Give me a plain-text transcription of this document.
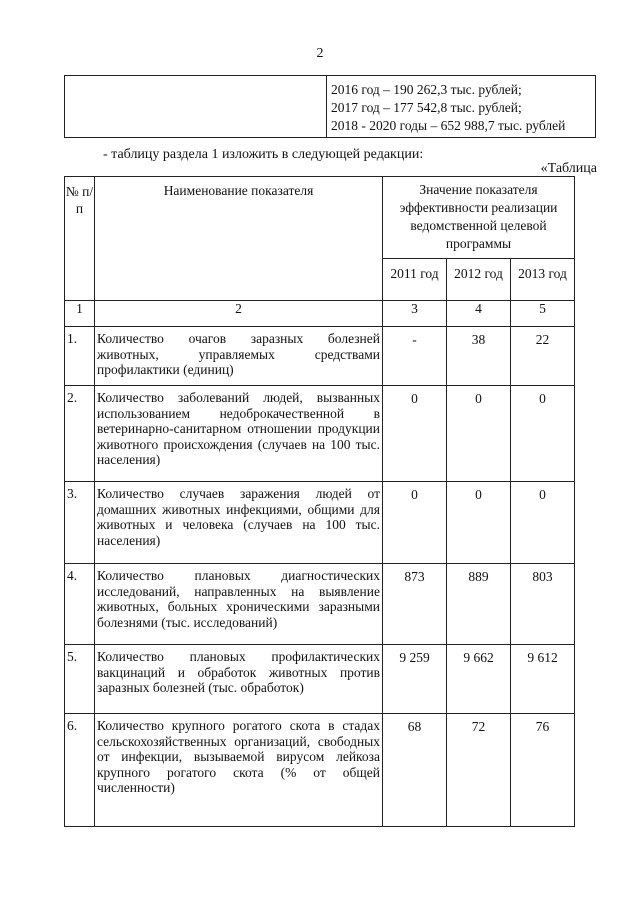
2
2016 год – 190 262,3 тыс. рублей;
2017 год – 177 542,8 тыс. рублей;
2018 - 2020 годы – 652 988,7 тыс. рублей
- таблицу раздела 1 изложить в следующей редакции:
«Таблица
№ п/п	Наименование показателя	Значение показателя эффективности реализации ведомственной целевой программы		
		2011 год	2012 год	2013 год
1	2	3	4	5
1.	Количество очагов заразных болезней животных, управляемых средствами профилактики (единиц)	-	38	22
2.	Количество заболеваний людей, вызванных использованием недоброкачественной в ветеринарно-санитарном отношении продукции животного происхождения (случаев на 100 тыс. населения)	0	0	0
3.	Количество случаев заражения людей от домашних животных инфекциями, общими для животных и человека (случаев на 100 тыс. населения)	0	0	0
4.	Количество плановых диагностических исследований, направленных на выявление животных, больных хроническими заразными болезнями (тыс. исследований)	873	889	803
5.	Количество плановых профилактических вакцинаций и обработок животных против заразных болезней (тыс. обработок)	9 259	9 662	9 612
6.	Количество крупного рогатого скота в стадах сельскохозяйственных организаций, свободных от инфекции, вызываемой вирусом лейкоза крупного рогатого скота (% от общей численности)	68	72	76
